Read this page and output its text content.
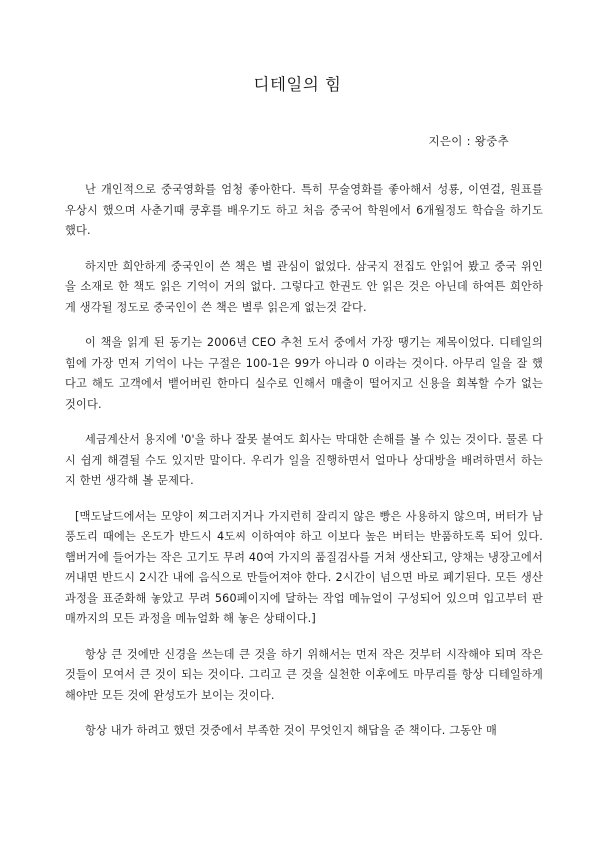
디테일의 힘
지은이 : 왕중추

난 개인적으로 중국영화를 엄청 좋아한다. 특히 무술영화를 좋아해서 성룡, 이연걸, 원표를 우상시 했으며 사춘기때 쿵후를 배우기도 하고 처음 중국어 학원에서 6개월정도 학습을 하기도 했다.

하지만 희안하게 중국인이 쓴 책은 별 관심이 없었다. 삼국지 전집도 안읽어 봤고 중국 위인을 소재로 한 책도 읽은 기억이 거의 없다. 그렇다고 한권도 안 읽은 것은 아닌데 하여튼 희안하게 생각될 정도로 중국인이 쓴 책은 별루 읽은게 없는것 같다.

이 책을 읽게 된 동기는 2006년 CEO 추천 도서 중에서 가장 땡기는 제목이었다. 디테일의 힘에 가장 먼저 기억이 나는 구절은 100-1은 99가 아니라 0 이라는 것이다. 아무리 일을 잘 했다고 해도 고객에서 뱉어버린 한마디 실수로 인해서 매출이 떨어지고 신용을 회복할 수가 없는 것이다.

세금계산서 용지에 '0'을 하나 잘못 붙여도 회사는 막대한 손해를 볼 수 있는 것이다. 물론 다시 쉽게 해결될 수도 있지만 말이다. 우리가 일을 진행하면서 얼마나 상대방을 배려하면서 하는지 한번 생각해 볼 문제다.

[맥도날드에서는 모양이 찌그러지거나 가지런히 잘리지 않은 빵은 사용하지 않으며, 버터가 남풍도리 때에는 온도가 반드시 4도씨 이하여야 하고 이보다 높은 버터는 반품하도록 되어 있다. 햄버거에 들어가는 작은 고기도 무려 40여 가지의 품질검사를 거쳐 생산되고, 양채는 냉장고에서 꺼내면 반드시 2시간 내에 음식으로 만들어져야 한다. 2시간이 넘으면 바로 폐기된다. 모든 생산과정을 표준화해 놓았고 무려 560페이지에 달하는 작업 메뉴얼이 구성되어 있으며 입고부터 판매까지의 모든 과정을 메뉴얼화 해 놓은 상태이다.]

항상 큰 것에만 신경을 쓰는데 큰 것을 하기 위해서는 먼저 작은 것부터 시작해야 되며 작은 것들이 모여서 큰 것이 되는 것이다. 그리고 큰 것을 실천한 이후에도 마무리를 항상 디테일하게 해야만 모든 것에 완성도가 보이는 것이다.

항상 내가 하려고 했던 것중에서 부족한 것이 무엇인지 해답을 준 책이다. 그동안 매
